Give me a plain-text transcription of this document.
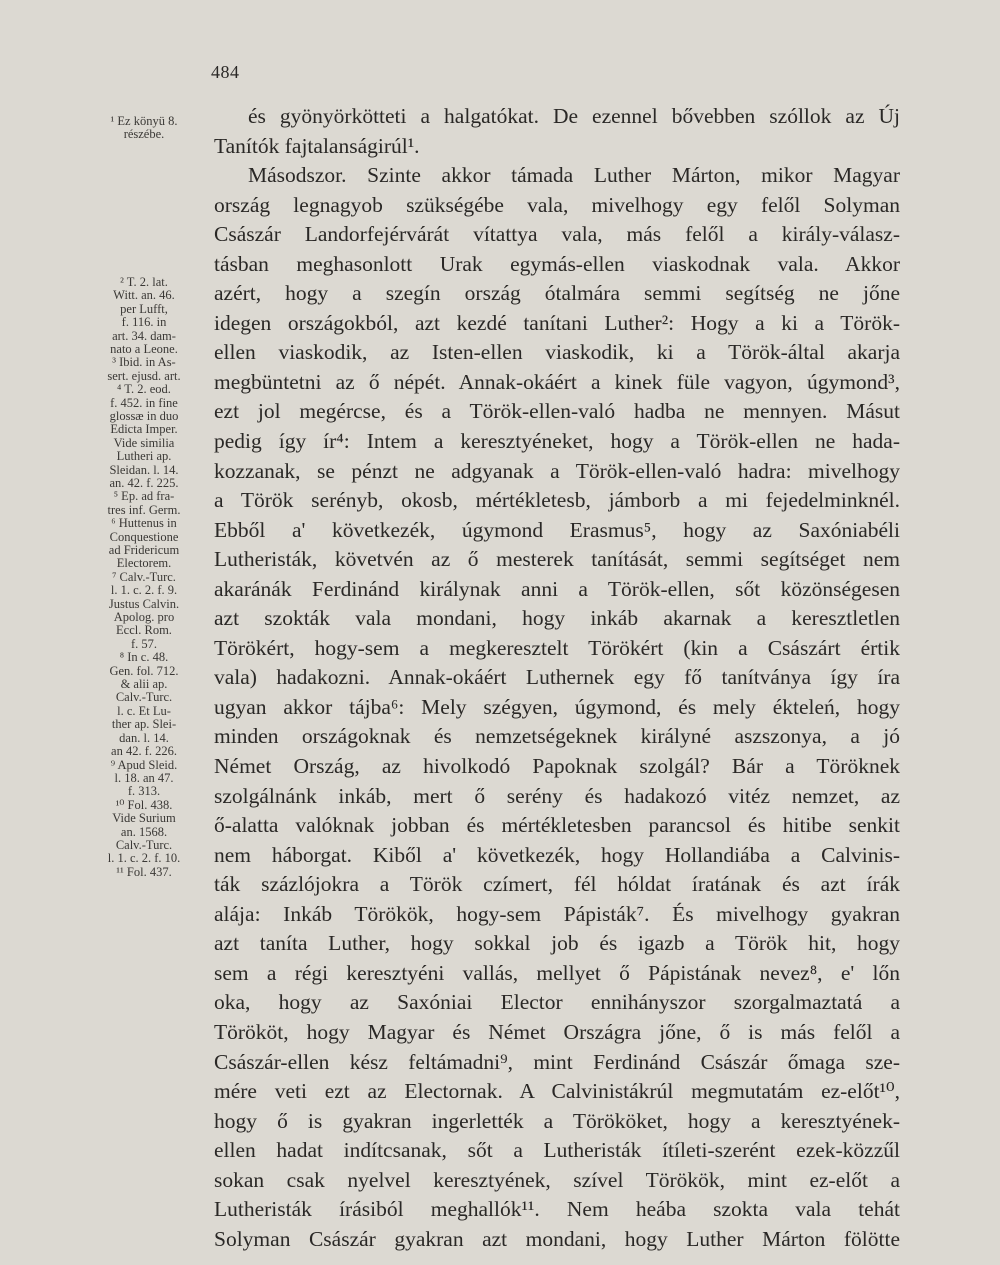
484
¹ Ez könyü 8.
részébe.

² T. 2. lat.
Witt. an. 46.
per Lufft,
f. 116. in
art. 34. dam-
nato a Leone.
³ Ibid. in As-
sert. ejusd. art.
⁴ T. 2. eod.
f. 452. in fine
glossæ in duo
Edicta Imper.
Vide similia
Lutheri ap.
Sleidan. l. 14.
an. 42. f. 225.
⁵ Ep. ad fra-
tres inf. Germ.
⁶ Huttenus in
Conquestione
ad Fridericum
Electorem.
⁷ Calv.-Turc.
l. 1. c. 2. f. 9.
Justus Calvin.
Apolog. pro
Eccl. Rom.
f. 57.
⁸ In c. 48.
Gen. fol. 712.
& alii ap.
Calv.-Turc.
l. c. Et Lu-
ther ap. Slei-
dan. l. 14.
an 42. f. 226.
⁹ Apud Sleid.
l. 18. an 47.
f. 313.
¹⁰ Fol. 438.
Vide Surium
an. 1568.
Calv.-Turc.
l. 1. c. 2. f. 10.
¹¹ Fol. 437.
és gyönyörkötteti a halgatókat. De ezennel bővebben szóllok az Új
Tanítók fajtalanságirúl¹.
Másodszor. Szinte akkor támada Luther Márton, mikor Magyar
ország legnagyob szükségébe vala, mivelhogy egy felől Solyman
Császár Landorfejérvárát vítattya vala, más felől a király-válasz-
tásban meghasonlott Urak egymás-ellen viaskodnak vala. Akkor
azért, hogy a szegín ország ótalmára semmi segítség ne jőne
idegen országokból, azt kezdé tanítani Luther²: Hogy a ki a Török-
ellen viaskodik, az Isten-ellen viaskodik, ki a Török-által akarja
megbüntetni az ő népét. Annak-okáért a kinek füle vagyon, úgymond³,
ezt jol megércse, és a Török-ellen-való hadba ne mennyen. Másut
pedig így ír⁴: Intem a keresztyéneket, hogy a Török-ellen ne hada-
kozzanak, se pénzt ne adgyanak a Török-ellen-való hadra: mivelhogy
a Török serényb, okosb, mértékletesb, jámborb a mi fejedelminknél.
Ebből a' következék, úgymond Erasmus⁵, hogy az Saxóniabéli
Lutheristák, követvén az ő mesterek tanítását, semmi segítséget nem
akaránák Ferdinánd királynak anni a Török-ellen, sőt közönségesen
azt szokták vala mondani, hogy inkáb akarnak a keresztletlen
Törökért, hogy-sem a megkeresztelt Törökért (kin a Császárt értik
vala) hadakozni. Annak-okáért Luthernek egy fő tanítványa így íra
ugyan akkor tájba⁶: Mely szégyen, úgymond, és mely ékteleń, hogy
minden országoknak és nemzetségeknek királyné aszszonya, a jó
Német Ország, az hivolkodó Papoknak szolgál? Bár a Töröknek
szolgálnánk inkáb, mert ő serény és hadakozó vitéz nemzet, az
ő-alatta valóknak jobban és mértékletesben parancsol és hitibe senkit
nem háborgat. Kiből a' következék, hogy Hollandiába a Calvinis-
ták százlójokra a Török czímert, fél hóldat íratának és azt írák
alája: Inkáb Törökök, hogy-sem Pápisták⁷. És mivelhogy gyakran
azt taníta Luther, hogy sokkal job és igazb a Török hit, hogy
sem a régi keresztyéni vallás, mellyet ő Pápistának nevez⁸, e' lőn
oka, hogy az Saxóniai Elector ennihányszor szorgalmaztatá a
Törököt, hogy Magyar és Német Országra jőne, ő is más felől a
Császár-ellen kész feltámadni⁹, mint Ferdinánd Császár őmaga sze-
mére veti ezt az Electornak. A Calvinistákrúl megmutatám ez-előt¹⁰,
hogy ő is gyakran ingerlették a Törököket, hogy a keresztyének-
ellen hadat indítcsanak, sőt a Lutheristák ítíleti-szerént ezek-közzűl
sokan csak nyelvel keresztyének, szível Törökök, mint ez-előt a
Lutheristák írásiból meghallók¹¹. Nem heába szokta vala tehát
Solyman Császár gyakran azt mondani, hogy Luther Márton fölötte
